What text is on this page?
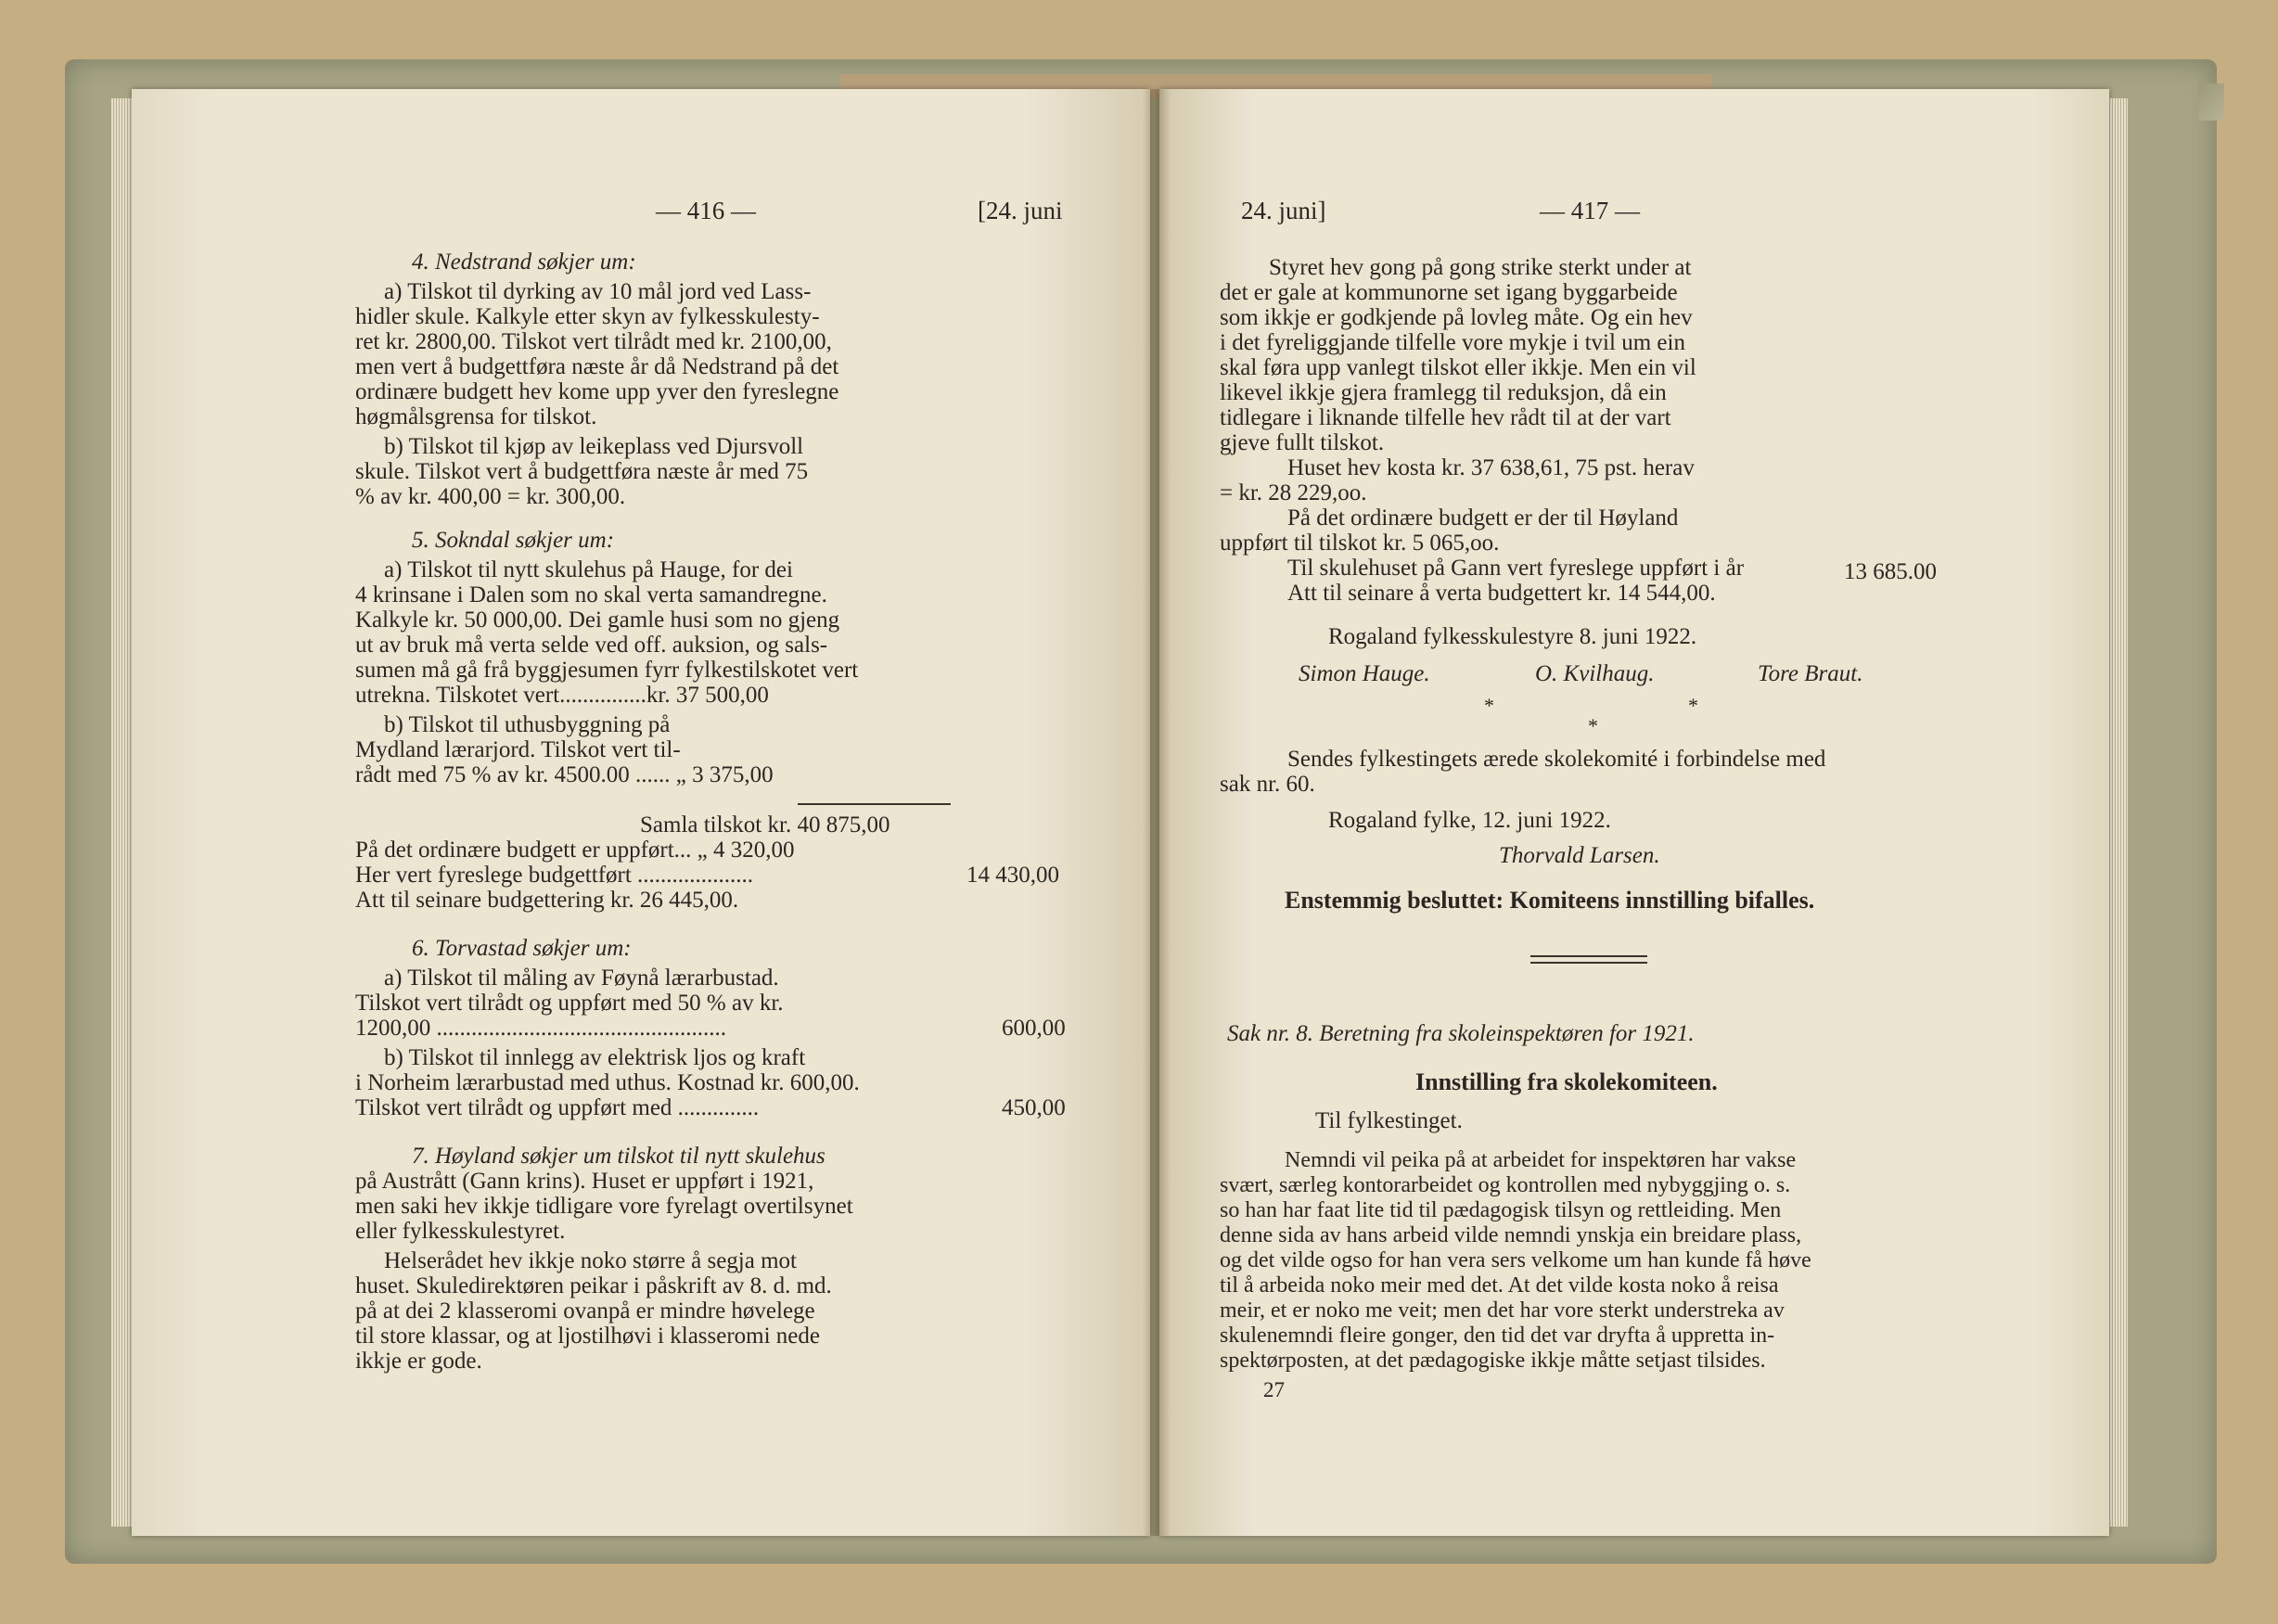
— 416 —	[24. juni
4. Nedstrand søkjer um:
a) Tilskot til dyrking av 10 mål jord ved Lass-
hidler skule. Kalkyle etter skyn av fylkesskulesty-
ret kr. 2800,00. Tilskot vert tilrådt med kr. 2100,00,
men vert å budgettføra næste år då Nedstrand på det
ordinære budgett hev kome upp yver den fyreslegne
høgmålsgrensa for tilskot.
b) Tilskot til kjøp av leikeplass ved Djursvoll
skule. Tilskot vert å budgettføra næste år med 75
% av kr. 400,00 = kr. 300,00.
5. Sokndal søkjer um:
a) Tilskot til nytt skulehus på Hauge, for dei
4 krinsane i Dalen som no skal verta samandregne.
Kalkyle kr. 50 000,00. Dei gamle husi som no gjeng
ut av bruk må verta selde ved off. auksion, og sals-
sumen må gå frå byggjesumen fyrr fylkestilskotet vert
utrekna. Tilskotet vert...............kr. 37 500,00
b) Tilskot til uthusbyggning på
Mydland lærarjord. Tilskot vert til-
rådt med 75 % av kr. 4500.00 ...... „ 3 375,00
Samla tilskot kr. 40 875,00
På det ordinære budgett er uppført... „ 4 320,00
Her vert fyreslege budgettført ....................	14 430,00
Att til seinare budgettering kr. 26 445,00.
6. Torvastad søkjer um:
a) Tilskot til måling av Føynå lærarbustad.
Tilskot vert tilrådt og uppført med 50 % av kr.
1200,00 ..................................................	600,00
b) Tilskot til innlegg av elektrisk ljos og kraft
i Norheim lærarbustad med uthus. Kostnad kr. 600,00.
Tilskot vert tilrådt og uppført med ..............	450,00
7. Høyland søkjer um tilskot til nytt skulehus
på Austrått (Gann krins). Huset er uppført i 1921,
men saki hev ikkje tidligare vore fyrelagt overtilsynet
eller fylkesskulestyret.
Helserådet hev ikkje noko større å segja mot
huset. Skuledirektøren peikar i påskrift av 8. d. md.
på at dei 2 klasseromi ovanpå er mindre høvelege
til store klassar, og at ljostilhøvi i klasseromi nede
ikkje er gode.
24. juni]	— 417 —
Styret hev gong på gong strike sterkt under at
det er gale at kommunorne set igang byggarbeide
som ikkje er godkjende på lovleg måte. Og ein hev
i det fyreliggjande tilfelle vore mykje i tvil um ein
skal føra upp vanlegt tilskot eller ikkje. Men ein vil
likevel ikkje gjera framlegg til reduksjon, då ein
tidlegare i liknande tilfelle hev rådt til at der vart
gjeve fullt tilskot.
Huset hev kosta kr. 37 638,61, 75 pst. herav
= kr. 28 229,oo.
På det ordinære budgett er der til Høyland
uppført til tilskot kr. 5 065,oo.
Til skulehuset på Gann vert fyreslege uppført i år	13 685.00
Att til seinare å verta budgettert kr. 14 544,00.
Rogaland fylkesskulestyre 8. juni 1922.
Simon Hauge.	O. Kvilhaug.	Tore Braut.
*
*
*
Sendes fylkestingets ærede skolekomité i forbindelse med
sak nr. 60.
Rogaland fylke, 12. juni 1922.
Thorvald Larsen.
Enstemmig besluttet: Komiteens innstilling bifalles.
Sak nr. 8. Beretning fra skoleinspektøren for 1921.
Innstilling fra skolekomiteen.
Til fylkestinget.
Nemndi vil peika på at arbeidet for inspektøren har vakse
svært, særleg kontorarbeidet og kontrollen med nybyggjing o. s.
so han har faat lite tid til pædagogisk tilsyn og rettleiding. Men
denne sida av hans arbeid vilde nemndi ynskja ein breidare plass,
og det vilde ogso for han vera sers velkome um han kunde få høve
til å arbeida noko meir med det. At det vilde kosta noko å reisa
meir, et er noko me veit; men det har vore sterkt understreka av
skulenemndi fleire gonger, den tid det var dryfta å uppretta in-
spektørposten, at det pædagogiske ikkje måtte setjast tilsides.
27
